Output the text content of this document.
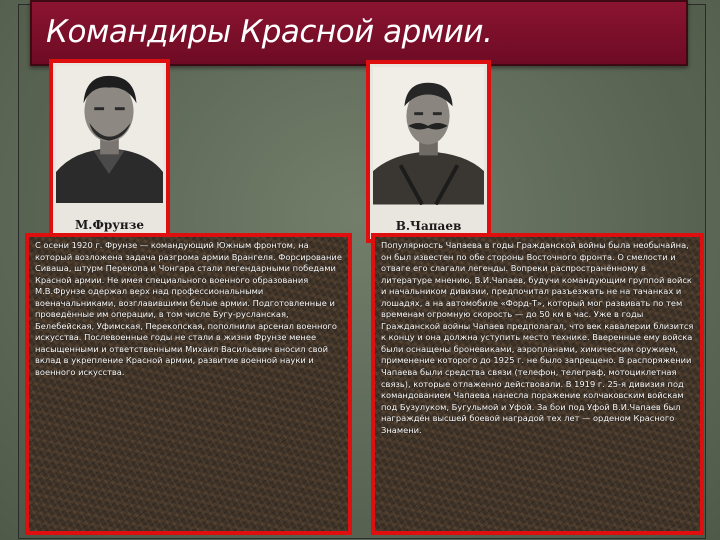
Командиры Красной армии.
М.Фрунзе	В.Чапаев

С осени 1920 г. Фрунзе — командующий Южным фронтом, на который возложена задача разгрома армии Врангеля. Форсирование Сиваша, штурм Перекопа и Чонгара стали легендарными победами Красной армии. Не имея специального военного образования М.В.Фрунзе одержал верх над профессиональными военачальниками, возглавившими белые армии. Подготовленные и проведённые им операции, в том числе Бугу-русланская, Белебейская, Уфимская, Перекопская, пополнили арсенал военного искусства. Послевоенные годы не стали в жизни Фрунзе менее насыщенными и ответственными Михаил Васильевич вносил свой вклад в укрепление Красной армии, развитие военной науки и военного искусства.

Популярность Чапаева в годы Гражданской войны была необычайна, он был известен по обе стороны Восточного фронта. О смелости и отваге его слагали легенды. Вопреки распространённому в литературе мнению, В.И.Чапаев, будучи командующим группой войск и начальником дивизии, предпочитал разъезжать не на тачанках и лошадях, а на автомобиле «Форд-Т», который мог развивать по тем временам огромную скорость — до 50 км в час. Уже в годы Гражданской войны Чапаев предполагал, что век кавалерии близится к концу и она должна уступить место технике. Вверенные ему войска были оснащены броневиками, аэропланами, химическим оружием, применение которого до 1925 г. не было запрещено. В распоряжении Чапаева были средства связи (телефон, телеграф, мотоциклетная связь), которые отлаженно действовали. В 1919 г. 25-я дивизия под командованием Чапаева нанесла поражение колчаковским войскам под Бузулуком, Бугульмой и Уфой. За бои под Уфой В.И.Чапаев был награждён высшей боевой наградой тех лет — орденом Красного Знамени.
